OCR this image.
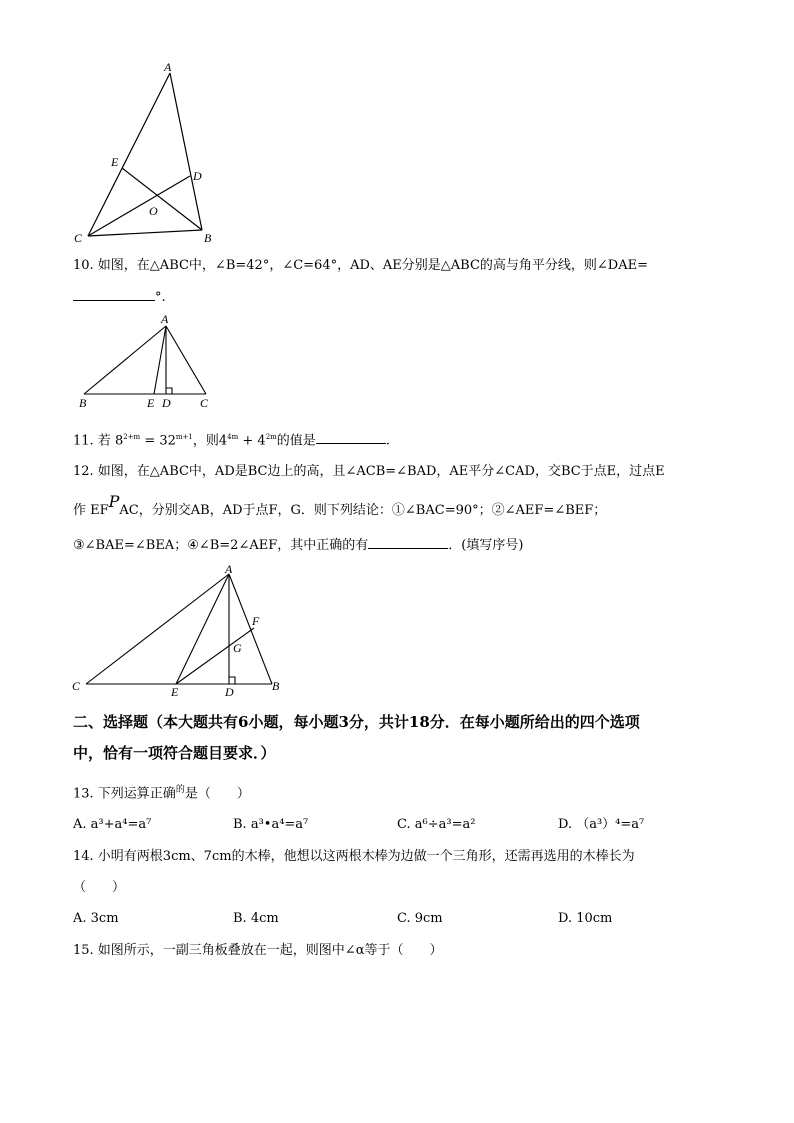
A
E
D
O
C	B
10. 如图，在△ABC中，∠B=42°，∠C=64°，AD、AE分别是△ABC的高与角平分线，则∠DAE=
°.
A
B	E D C
11. 若 $8^{2+m} = 32^{m+1}$，则$4^{4m} + 4^{2m}$的值是	.
12. 如图，在△ABC中，AD是BC边上的高，且∠ACB=∠BAD，AE平分∠CAD，交BC于点E，过点E
作 EFPAC，分别交AB，AD于点F，G．则下列结论：①∠BAC=90°；②∠AEF=∠BEF；
③∠BAE=∠BEA；④∠B=2∠AEF，其中正确的有	．(填写序号)
A
F
G
C	E	D	B
二、选择题（本大题共有6小题，每小题3分，共计18分．在每小题所给出的四个选项
中，恰有一项符合题目要求．）
13. 下列运算正确$^的$是（　　）
A. a³+a⁴=a⁷	B. a³•a⁴=a⁷	C. a⁶÷a³=a²	D. （a³）⁴=a⁷
14. 小明有两根3cm、7cm的木棒，他想以这两根木棒为边做一个三角形，还需再选用的木棒长为
（　　）
A. 3cm	B. 4cm	C. 9cm	D. 10cm
15. 如图所示，一副三角板叠放在一起，则图中∠α等于（　　）
